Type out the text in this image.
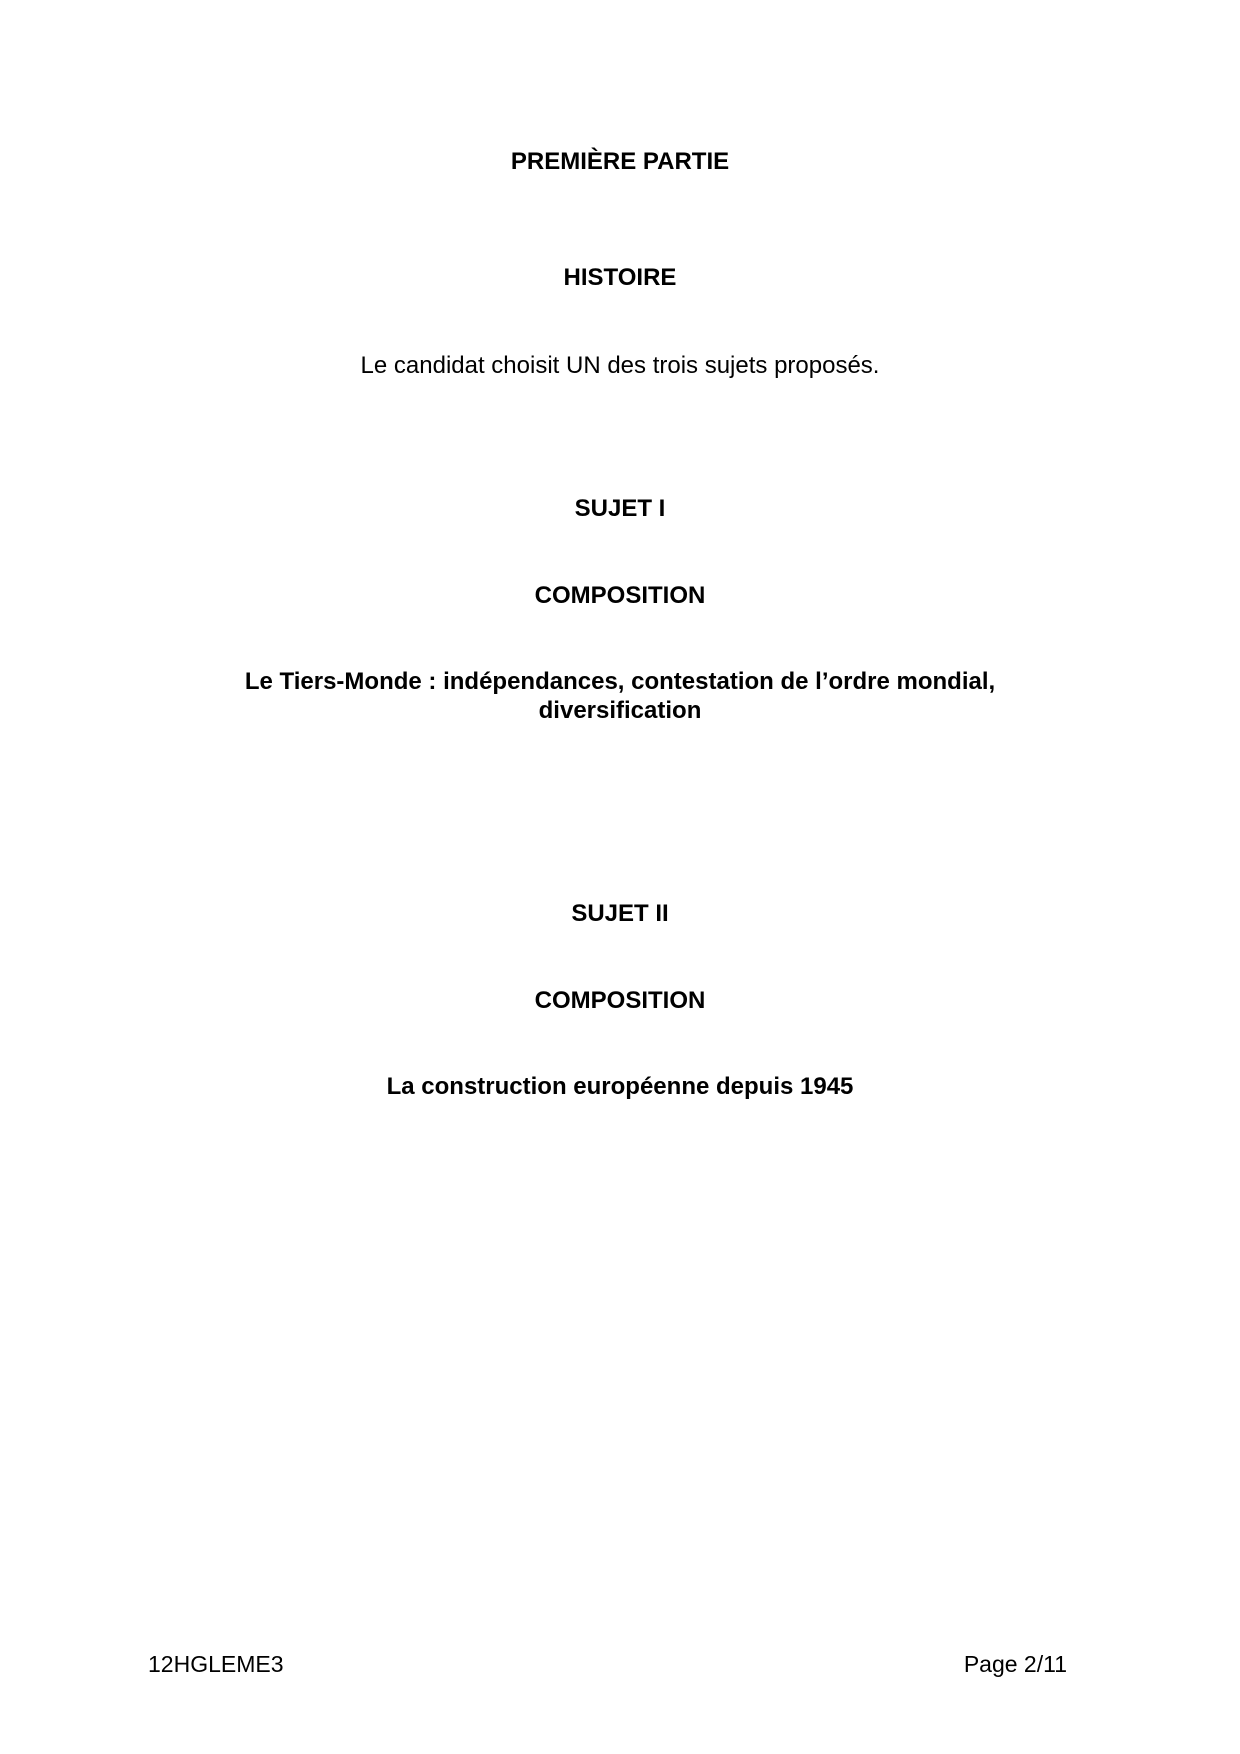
PREMIÈRE PARTIE
HISTOIRE
Le candidat choisit UN des trois sujets proposés.
SUJET I
COMPOSITION
Le Tiers-Monde : indépendances, contestation de l’ordre mondial,
diversification
SUJET II
COMPOSITION
La construction européenne depuis 1945
12HGLEME3	Page 2/11
